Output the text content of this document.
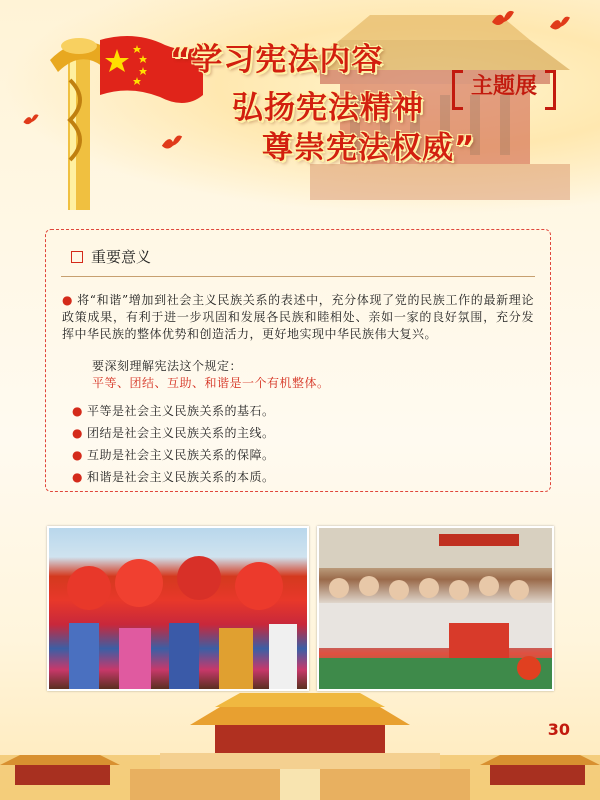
“学习宪法内容
弘扬宪法精神
尊崇宪法权威”
主题展
重要意义
● 将“和谐”增加到社会主义民族关系的表述中，充分体现了党的民族工作的最新理论政策成果，有利于进一步巩固和发展各民族和睦相处、亲如一家的良好氛围，充分发挥中华民族的整体优势和创造活力，更好地实现中华民族伟大复兴。
要深刻理解宪法这个规定：
平等、团结、互助、和谐是一个有机整体。
● 平等是社会主义民族关系的基石。
● 团结是社会主义民族关系的主线。
● 互助是社会主义民族关系的保障。
● 和谐是社会主义民族关系的本质。
30
